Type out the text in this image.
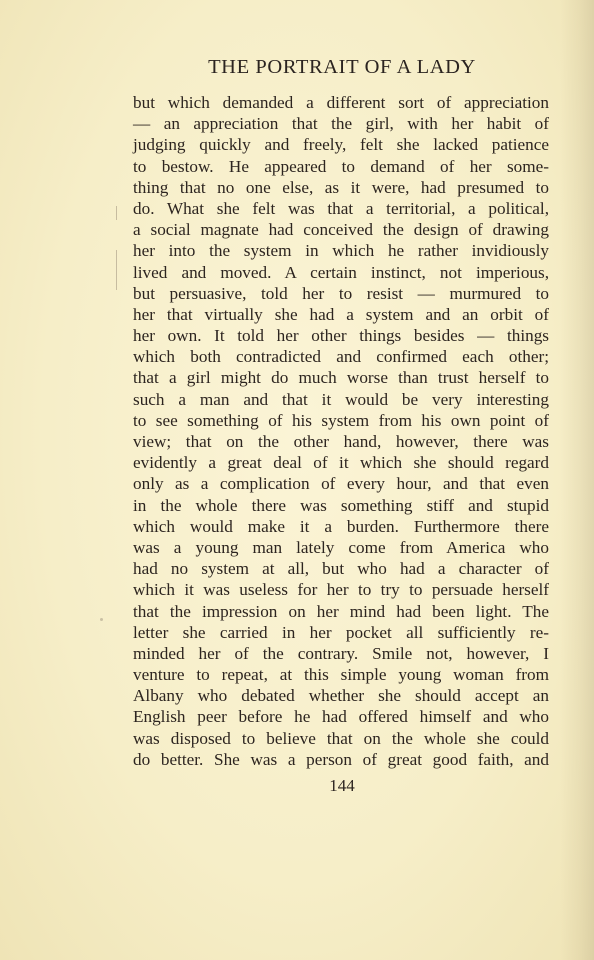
THE PORTRAIT OF A LADY
but which demanded a different sort of appreciation
— an appreciation that the girl, with her habit of
judging quickly and freely, felt she lacked patience
to bestow. He appeared to demand of her some-
thing that no one else, as it were, had presumed to
do. What she felt was that a territorial, a political,
a social magnate had conceived the design of drawing
her into the system in which he rather invidiously
lived and moved. A certain instinct, not imperious,
but persuasive, told her to resist — murmured to
her that virtually she had a system and an orbit of
her own. It told her other things besides — things
which both contradicted and confirmed each other;
that a girl might do much worse than trust herself to
such a man and that it would be very interesting
to see something of his system from his own point of
view; that on the other hand, however, there was
evidently a great deal of it which she should regard
only as a complication of every hour, and that even
in the whole there was something stiff and stupid
which would make it a burden. Furthermore there
was a young man lately come from America who
had no system at all, but who had a character of
which it was useless for her to try to persuade herself
that the impression on her mind had been light. The
letter she carried in her pocket all sufficiently re-
minded her of the contrary. Smile not, however, I
venture to repeat, at this simple young woman from
Albany who debated whether she should accept an
English peer before he had offered himself and who
was disposed to believe that on the whole she could
do better. She was a person of great good faith, and
144
